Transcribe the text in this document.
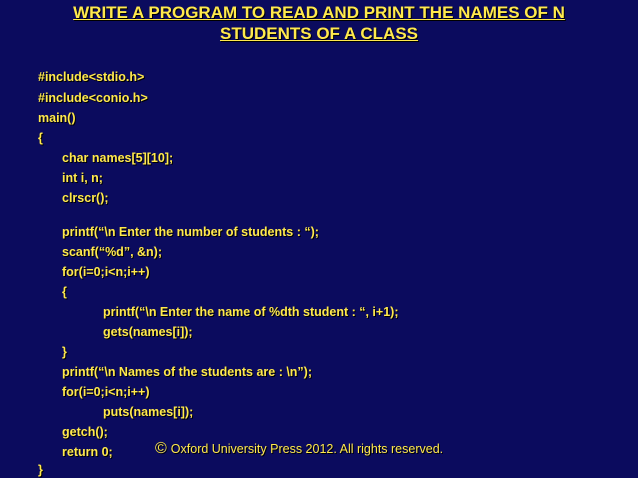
WRITE A PROGRAM TO READ AND PRINT THE NAMES OF N
STUDENTS OF A CLASS
#include<stdio.h>
#include<conio.h>
main()
{
char names[5][10];
int i, n;
clrscr();
printf(“\n Enter the number of students : “);
scanf(“%d”, &n);
for(i=0;i<n;i++)
{
printf(“\n Enter the name of %dth student : “, i+1);
gets(names[i]);
}
printf(“\n Names of the students are : \n”);
for(i=0;i<n;i++)
puts(names[i]);
getch();
return 0;
}
© Oxford University Press 2012. All rights reserved.
